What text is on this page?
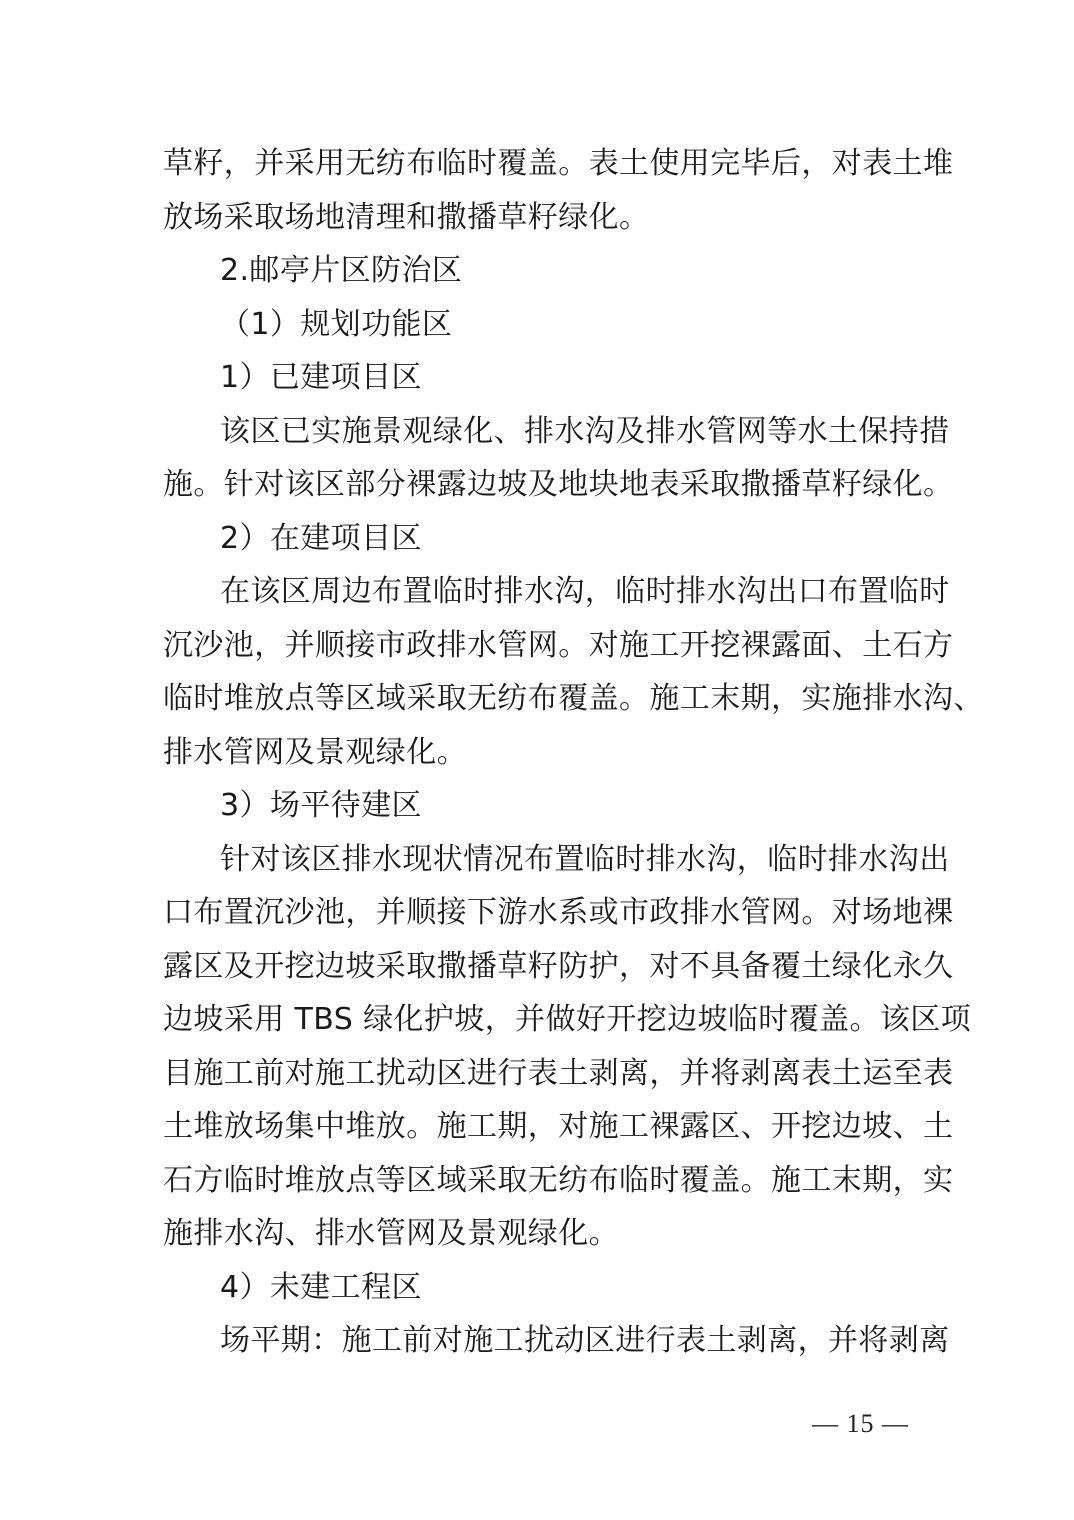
草籽，并采用无纺布临时覆盖。表土使用完毕后，对表土堆
放场采取场地清理和撒播草籽绿化。
2.邮亭片区防治区
（1）规划功能区
1）已建项目区
该区已实施景观绿化、排水沟及排水管网等水土保持措
施。针对该区部分裸露边坡及地块地表采取撒播草籽绿化。
2）在建项目区
在该区周边布置临时排水沟，临时排水沟出口布置临时
沉沙池，并顺接市政排水管网。对施工开挖裸露面、土石方
临时堆放点等区域采取无纺布覆盖。施工末期，实施排水沟、
排水管网及景观绿化。
3）场平待建区
针对该区排水现状情况布置临时排水沟，临时排水沟出
口布置沉沙池，并顺接下游水系或市政排水管网。对场地裸
露区及开挖边坡采取撒播草籽防护，对不具备覆土绿化永久
边坡采用 TBS 绿化护坡，并做好开挖边坡临时覆盖。该区项
目施工前对施工扰动区进行表土剥离，并将剥离表土运至表
土堆放场集中堆放。施工期，对施工裸露区、开挖边坡、土
石方临时堆放点等区域采取无纺布临时覆盖。施工末期，实
施排水沟、排水管网及景观绿化。
4）未建工程区
场平期：施工前对施工扰动区进行表土剥离，并将剥离
— 15 —
